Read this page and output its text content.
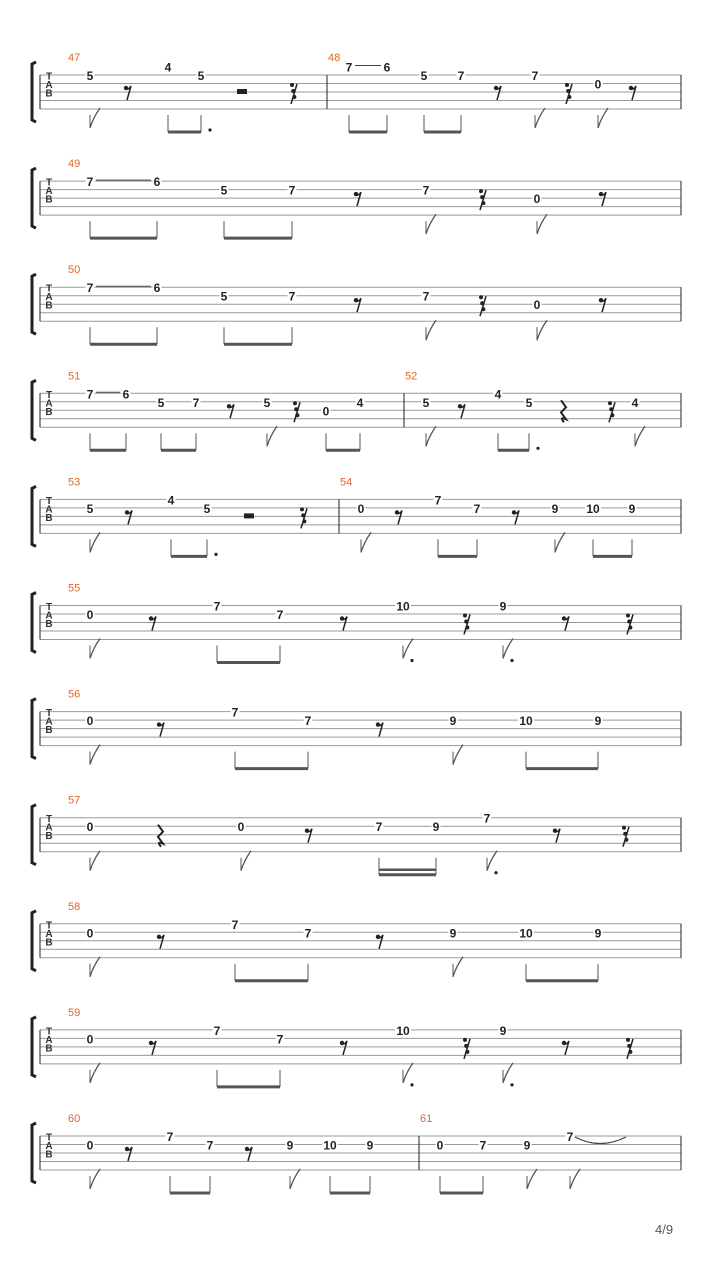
T
A
B
47
5
4
5
48
7	6
5	7	7
0
T
A
B
49
7	6
5	7	7
0
T
A
B
50
7	6
5	7	7
0
T
A
B
51
7 6
5 7	5
0
4
52
5
4
5	4
T
A
B
53
5
4
5
54
0
7
7	9 10 9
T
A
B
55
0
7
7
10	9
T
A
B
56
0
7
7	9	10	9
T
A
B
57
0	0	7	9
7
T
A
B
58
0
7
7	9	10	9
T
A
B
59
0
7
7
10	9
T
A
B
60
0
7
7	9 10 9
61
0	7	9
7
4/9
